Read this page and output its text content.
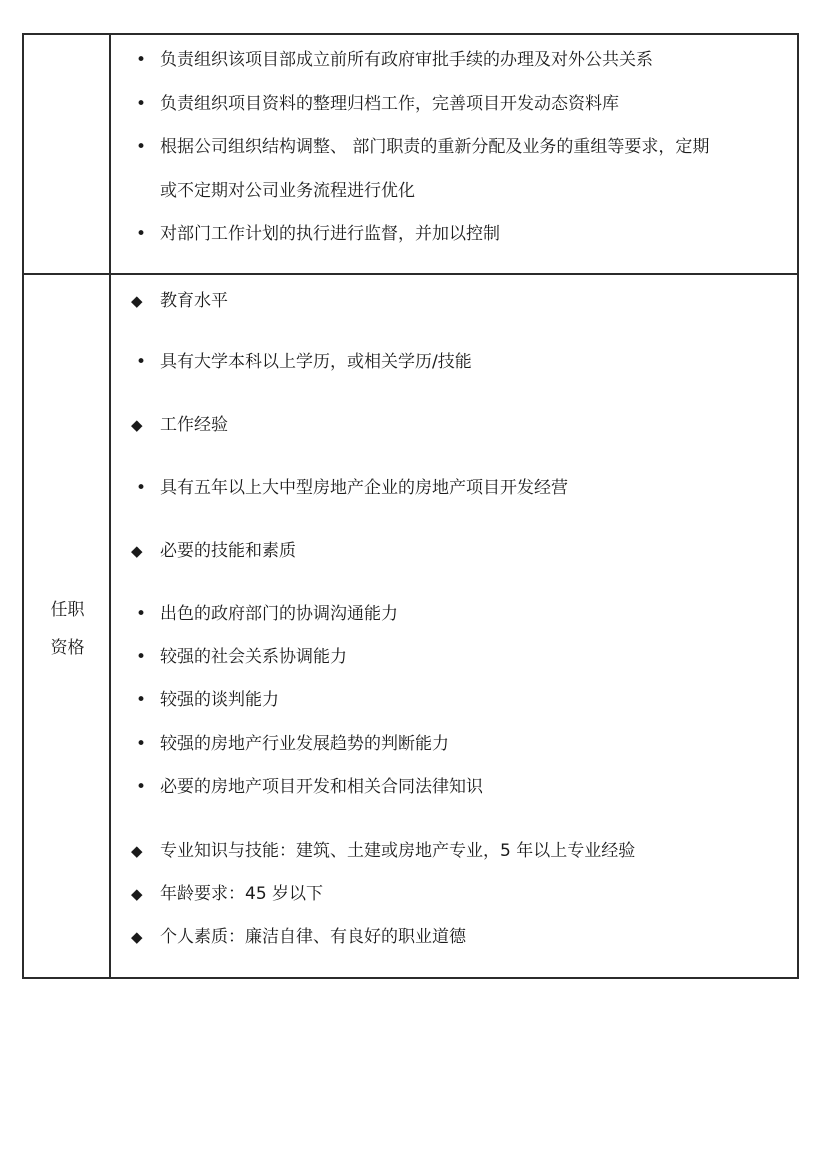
• 负责组织该项目部成立前所有政府审批手续的办理及对外公共关系
• 负责组织项目资料的整理归档工作，完善项目开发动态资料库
• 根据公司组织结构调整、 部门职责的重新分配及业务的重组等要求，定期
或不定期对公司业务流程进行优化
• 对部门工作计划的执行进行监督，并加以控制
任职
资格
◆ 教育水平
• 具有大学本科以上学历，或相关学历/技能
◆ 工作经验
• 具有五年以上大中型房地产企业的房地产项目开发经营
◆ 必要的技能和素质
• 出色的政府部门的协调沟通能力
• 较强的社会关系协调能力
• 较强的谈判能力
• 较强的房地产行业发展趋势的判断能力
• 必要的房地产项目开发和相关合同法律知识
◆ 专业知识与技能：建筑、土建或房地产专业，5 年以上专业经验
◆ 年龄要求：45 岁以下
◆ 个人素质：廉洁自律、有良好的职业道德
